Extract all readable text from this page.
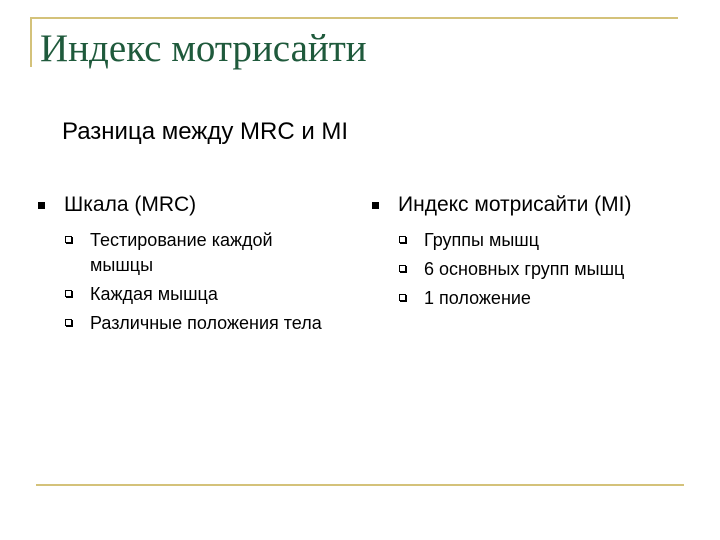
Индекс мотрисайти
Разница между MRC и MI
Шкала (MRC)
Тестирование каждой мышцы
Каждая мышца
Различные положения тела
Индекс мотрисайти (MI)
Группы мышц
6 основных групп мышц
1 положение
